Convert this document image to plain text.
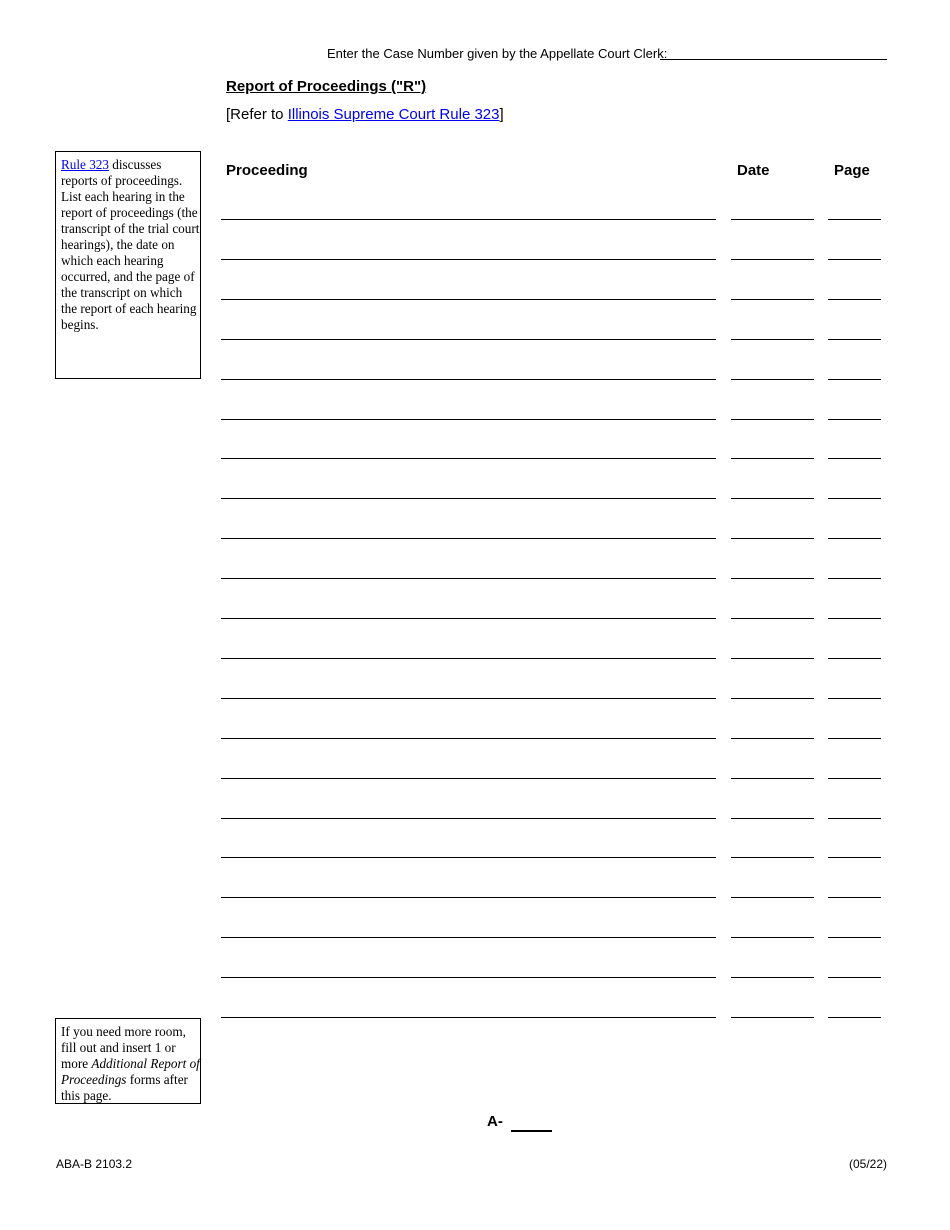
Enter the Case Number given by the Appellate Court Clerk:
Report of Proceedings ("R")
[Refer to Illinois Supreme Court Rule 323]

Rule 323 discusses reports of proceedings. List each hearing in the report of proceedings (the transcript of the trial court hearings), the date on which each hearing occurred, and the page of the transcript on which the report of each hearing begins.

If you need more room, fill out and insert 1 or more Additional Report of Proceedings forms after this page.

Proceeding	Date	Page
A-
ABA-B 2103.2	(05/22)
